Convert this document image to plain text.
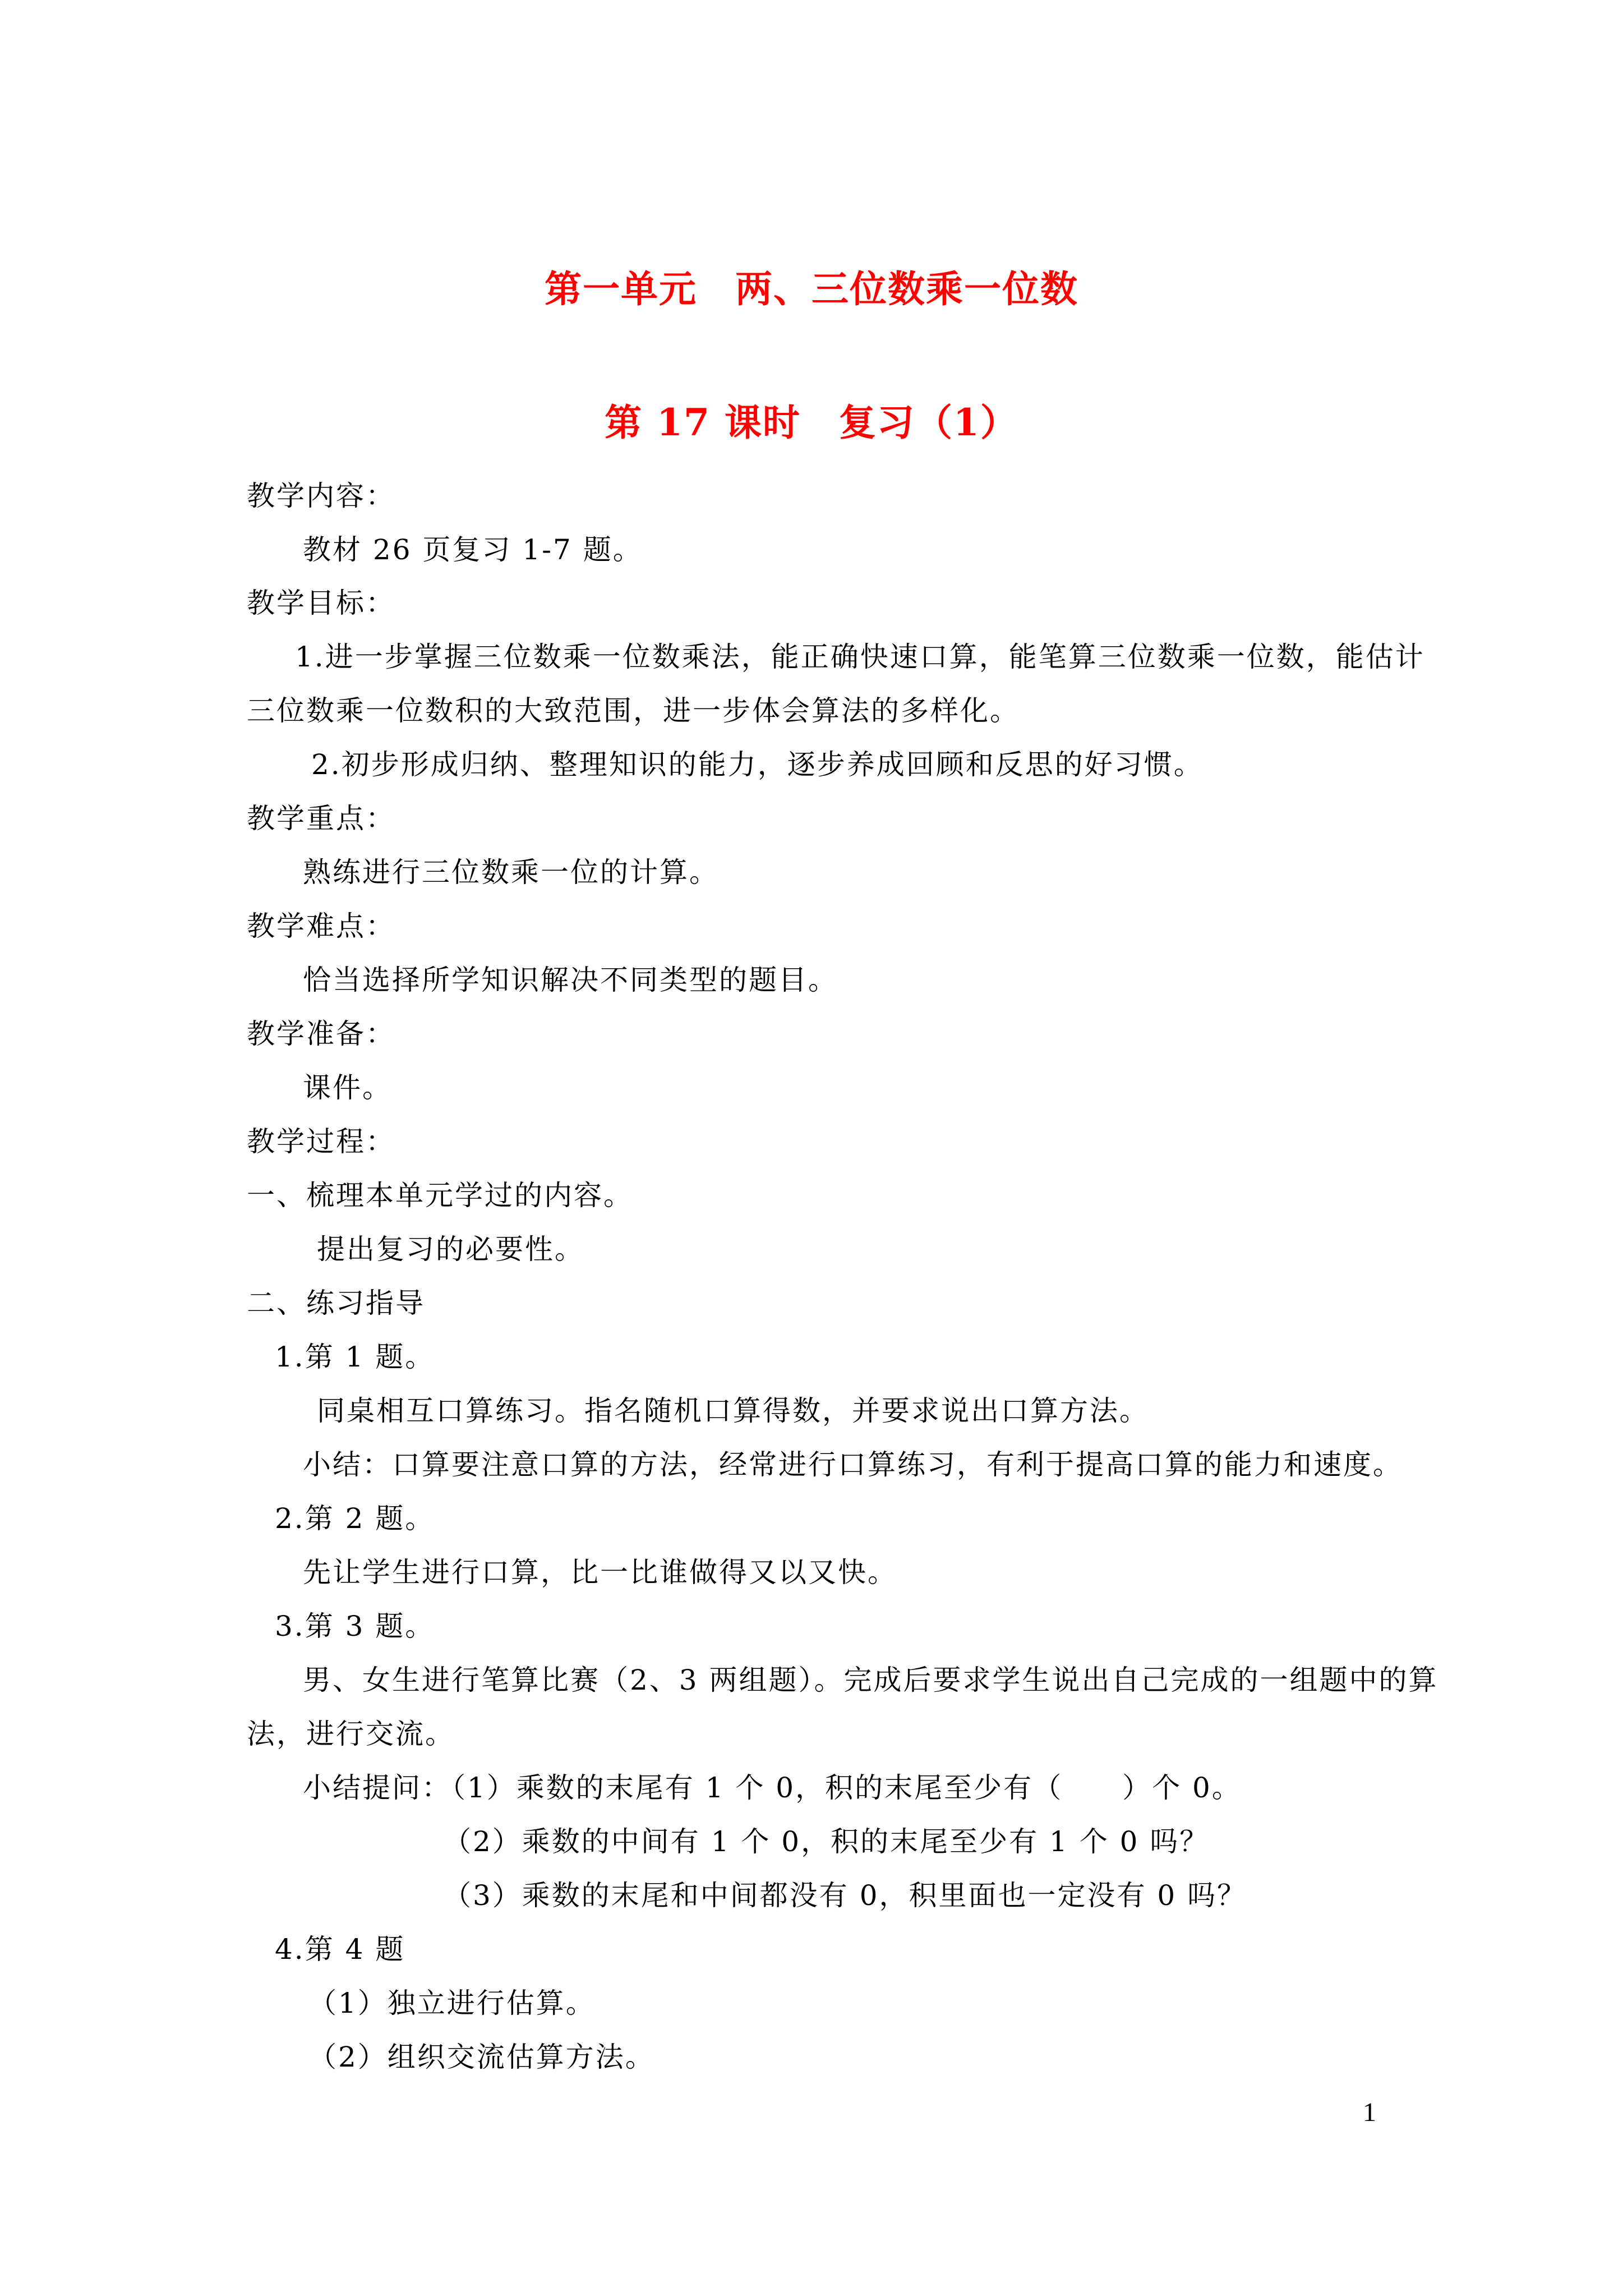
第一单元　两、三位数乘一位数
第 17 课时　复习（1）
教学内容：
教材 26 页复习 1-7 题。
教学目标：
1.进一步掌握三位数乘一位数乘法，能正确快速口算，能笔算三位数乘一位数，能估计
三位数乘一位数积的大致范围，进一步体会算法的多样化。
2.初步形成归纳、整理知识的能力，逐步养成回顾和反思的好习惯。
教学重点：
熟练进行三位数乘一位的计算。
教学难点：
恰当选择所学知识解决不同类型的题目。
教学准备：
课件。
教学过程：
一、梳理本单元学过的内容。
提出复习的必要性。
二、练习指导
1.第 1 题。
同桌相互口算练习。指名随机口算得数，并要求说出口算方法。
小结：口算要注意口算的方法，经常进行口算练习，有利于提高口算的能力和速度。
2.第 2 题。
先让学生进行口算，比一比谁做得又以又快。
3.第 3 题。
男、女生进行笔算比赛（2、3 两组题）。完成后要求学生说出自己完成的一组题中的算
法，进行交流。
小结提问：（1）乘数的末尾有 1 个 0，积的末尾至少有（　　）个 0。
（2）乘数的中间有 1 个 0，积的末尾至少有 1 个 0 吗？
（3）乘数的末尾和中间都没有 0，积里面也一定没有 0 吗？
4.第 4 题
（1）独立进行估算。
（2）组织交流估算方法。
1
